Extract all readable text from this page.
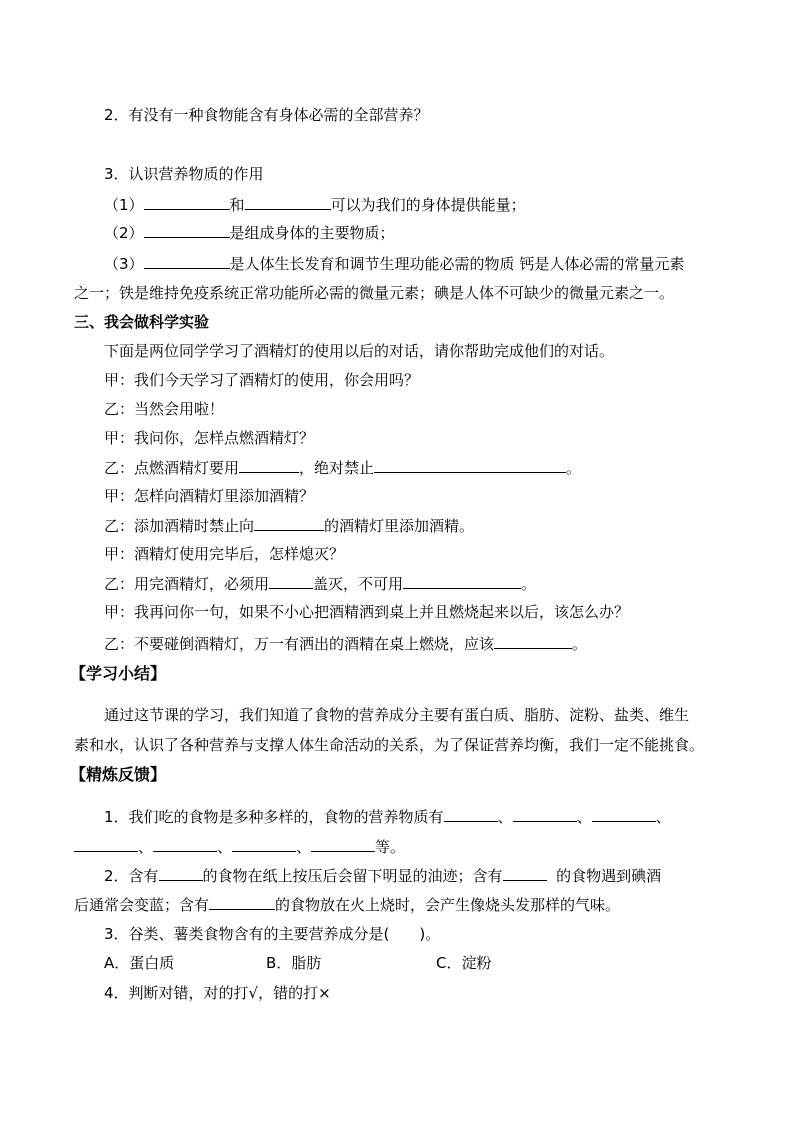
2．有没有一种食物能含有身体必需的全部营养？
3．认识营养物质的作用
（1）	和	可以为我们的身体提供能量；
（2）	是组成身体的主要物质；
（3）	是人体生长发育和调节生理功能必需的物质 钙是人体必需的常量元素
之一；铁是维持免疫系统正常功能所必需的微量元素；碘是人体不可缺少的微量元素之一。
三、我会做科学实验
下面是两位同学学习了酒精灯的使用以后的对话，请你帮助完成他们的对话。
甲：我们今天学习了酒精灯的使用，你会用吗？
乙：当然会用啦！
甲：我问你，怎样点燃酒精灯？
乙：点燃酒精灯要用	，绝对禁止	。
甲：怎样向酒精灯里添加酒精？
乙：添加酒精时禁止向	的酒精灯里添加酒精。
甲：酒精灯使用完毕后，怎样熄灭？
乙：用完酒精灯，必须用	盖灭，不可用	。
甲：我再问你一句，如果不小心把酒精洒到桌上并且燃烧起来以后，该怎么办？
乙：不要碰倒酒精灯，万一有洒出的酒精在桌上燃烧，应该	。
【学习小结】
通过这节课的学习，我们知道了食物的营养成分主要有蛋白质、脂肪、淀粉、盐类、维生
素和水，认识了各种营养与支撑人体生命活动的关系，为了保证营养均衡，我们一定不能挑食。
【精炼反馈】
1．我们吃的食物是多种多样的，食物的营养物质有	、	、	、
、	、	、	等。
2．含有	的食物在纸上按压后会留下明显的油迹；含有	的食物遇到碘酒
后通常会变蓝；含有	的食物放在火上烧时，会产生像烧头发那样的气味。
3．谷类、薯类食物含有的主要营养成分是(　　)。
A．蛋白质	B．脂肪	C．淀粉
4．判断对错，对的打√，错的打×
